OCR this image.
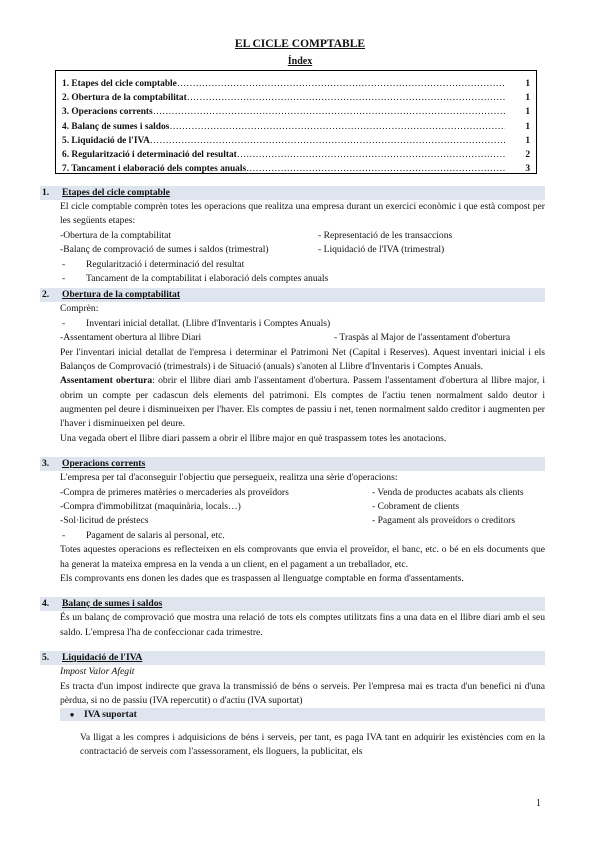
EL CICLE COMPTABLE
Índex
1. Etapes del cicle comptable …………………………………………………………………………………………………………………………	1
2. Obertura de la comptabilitat …………………………………………………………………………………………………………………………	1
3. Operacions corrents …………………………………………………………………………………………………………………………	1
4. Balanç de sumes i saldos …………………………………………………………………………………………………………………………	1
5. Liquidació de l'IVA …………………………………………………………………………………………………………………………	1
6. Regularització i determinació del resultat …………………………………………………………………………………………………………………………	2
7. Tancament i elaboració dels comptes anuals …………………………………………………………………………………………………………………………	3
1.	Etapes del cicle comptable

El cicle comptable comprèn totes les operacions que realitza una empresa durant un exercici econòmic i que està compost per les següents etapes:

- Obertura de la comptabilitat	- Representació de les transaccions
- Balanç de comprovació de sumes i saldos (trimestral)	- Liquidació de l'IVA (trimestral)
-	Regularització i determinació del resultat
-	Tancament de la comptabilitat i elaboració dels comptes anuals
2.	Obertura de la comptabilitat

Comprèn:

-	Inventari inicial detallat. (Llibre d'Inventaris i Comptes Anuals)
- Assentament obertura al llibre Diari	- Traspàs al Major de l'assentament d'obertura

Per l'inventari inicial detallat de l'empresa i determinar el Patrimoni Net (Capital i Reserves). Aquest inventari inicial i els Balanços de Comprovació (trimestrals) i de Situació (anuals) s'anoten al Llibre d'Inventaris i Comptes Anuals.

Assentament obertura: obrir el llibre diari amb l'assentament d'obertura. Passem l'assentament d'obertura al llibre major, i obrim un compte per cadascun dels elements del patrimoni. Els comptes de l'actiu tenen normalment saldo deutor i augmenten pel deure i disminueixen per l'haver. Els comptes de passiu i net, tenen normalment saldo creditor i augmenten per l'haver i disminueixen pel deure.

Una vegada obert el llibre diari passem a obrir el llibre major en què traspassem totes les anotacions.

3.	Operacions corrents

L'empresa per tal d'aconseguir l'objectiu que persegueix, realitza una sèrie d'operacions:

- Compra de primeres matèries o mercaderies als proveïdors	- Venda de productes acabats als clients
- Compra d'immobilitzat (maquinària, locals…)	- Cobrament de clients
- Sol·licitud de préstecs	- Pagament als proveïdors o creditors
-	Pagament de salaris al personal, etc.

Totes aquestes operacions es reflecteixen en els comprovants que envia el proveïdor, el banc, etc. o bé en els documents que ha generat la mateixa empresa en la venda a un client, en el pagament a un treballador, etc.

Els comprovants ens donen les dades que es traspassen al llenguatge comptable en forma d'assentaments.

4.	Balanç de sumes i saldos

És un balanç de comprovació que mostra una relació de tots els comptes utilitzats fins a una data en el llibre diari amb el seu saldo. L'empresa l'ha de confeccionar cada trimestre.

5.	Liquidació de l'IVA

Impost Valor Afegit

Es tracta d'un impost indirecte que grava la transmissió de béns o serveis. Per l'empresa mai es tracta d'un benefici ni d'una pèrdua, si no de passiu (IVA repercutit) o d'actiu (IVA suportat)

● IVA suportat

Va lligat a les compres i adquisicions de béns i serveis, per tant, es paga IVA tant en adquirir les existències com en la contractació de serveis com l'assessorament, els lloguers, la publicitat, els

1
